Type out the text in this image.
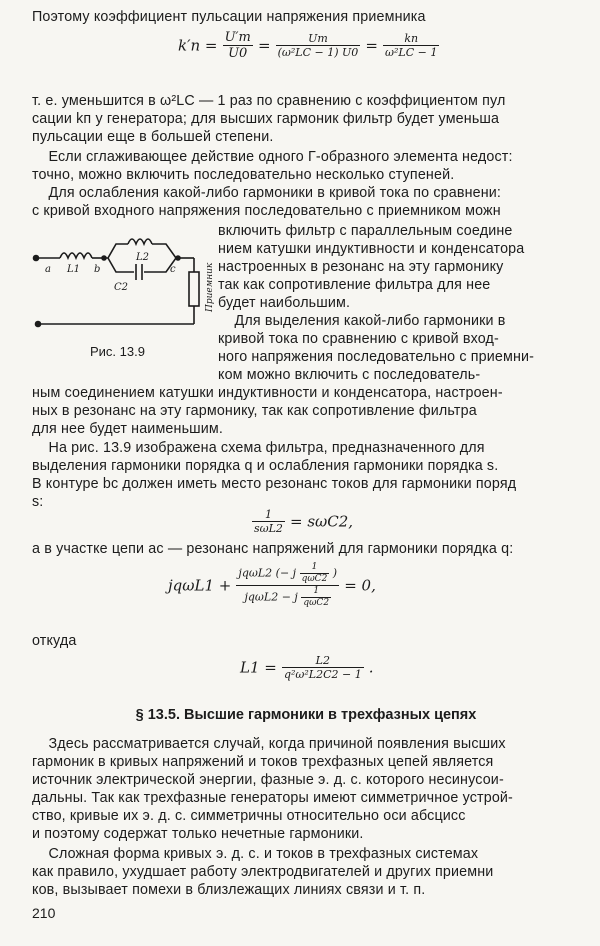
Поэтому коэффициент пульсации напряжения приемника
$k'п = \frac{U'm}{U0} = \frac{Um}{\text{(ω²LC − 1) U0}} = \frac{kп}{\text{ω²LC − 1}}$
т. е. уменьшится в ω²LC — 1 раз по сравнению с коэффициентом пул
сации kп у генератора; для высших гармоник фильтр будет уменьша
пульсации еще в большей степени.
Если сглаживающее действие одного Г-образного элемента недост:
точно, можно включить последовательно несколько ступеней.
Для ослабления какой-либо гармоники в кривой тока по сравнени:
с кривой входного напряжения последовательно с приемником можн
a L1 b
L2
C2
c	Приемник
Рис. 13.9
включить фильтр с параллельным соедине
нием катушки индуктивности и конденсатора
настроенных в резонанс на эту гармонику
так как сопротивление фильтра для нее
будет наибольшим.
Для выделения какой-либо гармоники в
кривой тока по сравнению с кривой вход-
ного напряжения последовательно с приемни-
ком можно включить с последователь-
ным соединением катушки индуктивности и конденсатора, настроен-
ных в резонанс на эту гармонику, так как сопротивление фильтра
для нее будет наименьшим.
На рис. 13.9 изображена схема фильтра, предназначенного для
выделения гармоники порядка q и ослабления гармоники порядка s.
В контуре bc должен иметь место резонанс токов для гармоники поряд
s:
$\frac{1}{\text{sωL2}} = s\omega C2$,
а в участке цепи ac — резонанс напряжений для гармоники порядка q:
jqωL1 +
jqωL2 (− j $\frac{1}{\text{qωC2}}$ )
jqωL2 − j $\frac{1}{\text{qωC2}}$
= 0,
откуда
$L1 = \frac{L2}{\text{q²ω²L2C2 − 1}}$ .
§ 13.5. Высшие гармоники в трехфазных цепях
Здесь рассматривается случай, когда причиной появления высших
гармоник в кривых напряжений и токов трехфазных цепей является
источник электрической энергии, фазные э. д. с. которого несинусои-
дальны. Так как трехфазные генераторы имеют симметричное устрой-
ство, кривые их э. д. с. симметричны относительно оси абсцисс
и поэтому содержат только нечетные гармоники.
Сложная форма кривых э. д. с. и токов в трехфазных системах
как правило, ухудшает работу электродвигателей и других приемни
ков, вызывает помехи в близлежащих линиях связи и т. п.
210
